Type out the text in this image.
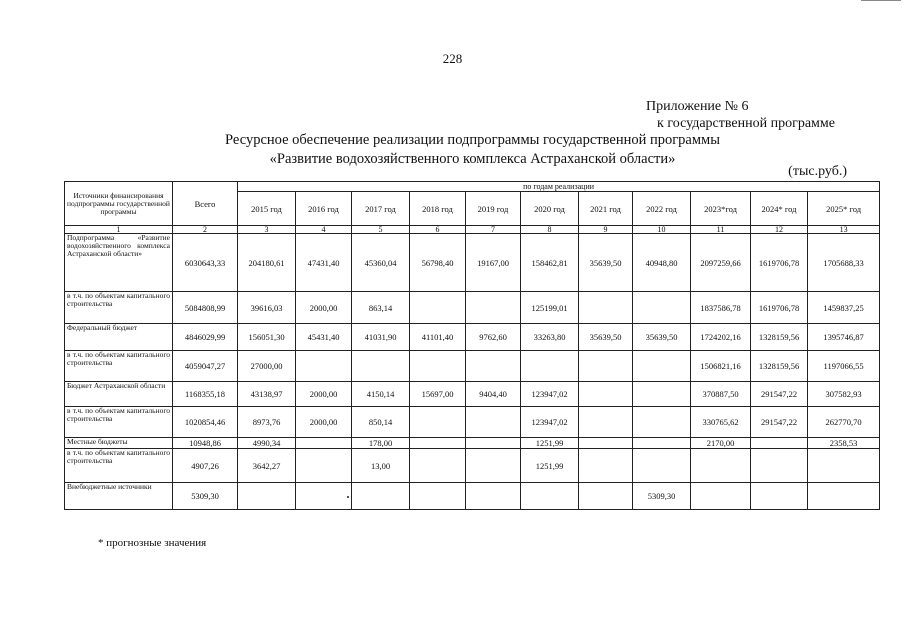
228
Приложение № 6
к государственной программе
Ресурсное обеспечение реализации подпрограммы государственной программы
«Развитие водохозяйственного комплекса Астраханской области»
(тыс.руб.)
Источники финансирования подпрограммы государственной программы	Всего	по годам реализации										
		2015 год	2016 год	2017 год	2018 год	2019 год	2020 год	2021 год	2022 год	2023*год	2024* год	2025* год
1	2	3	4	5	6	7	8	9	10	11	12	13
Подпрограмма «Развитие водохозяйственного комплекса Астраханской области»	6030643,33	204180,61	47431,40	45360,04	56798,40	19167,00	158462,81	35639,50	40948,80	2097259,66	1619706,78	1705688,33
в т.ч. по объектам капитального строительства	5084808,99	39616,03	2000,00	863,14			125199,01			1837586,78	1619706,78	1459837,25
Федеральный бюджет	4846029,99	156051,30	45431,40	41031,90	41101,40	9762,60	33263,80	35639,50	35639,50	1724202,16	1328159,56	1395746,87
в т.ч. по объектам капитального строительства	4059047,27	27000,00								1506821,16	1328159,56	1197066,55
Бюджет Астраханской области	1168355,18	43138,97	2000,00	4150,14	15697,00	9404,40	123947,02			370887,50	291547,22	307582,93
в т.ч. по объектам капитального строительства	1020854,46	8973,76	2000,00	850,14			123947,02			330765,62	291547,22	262770,70
Местные бюджеты	10948,86	4990,34		178,00			1251,99			2170,00		2358,53
в т.ч. по объектам капитального строительства	4907,26	3642,27		13,00			1251,99					
Внебюджетные источники	5309,30								5309,30			
* прогнозные значения
